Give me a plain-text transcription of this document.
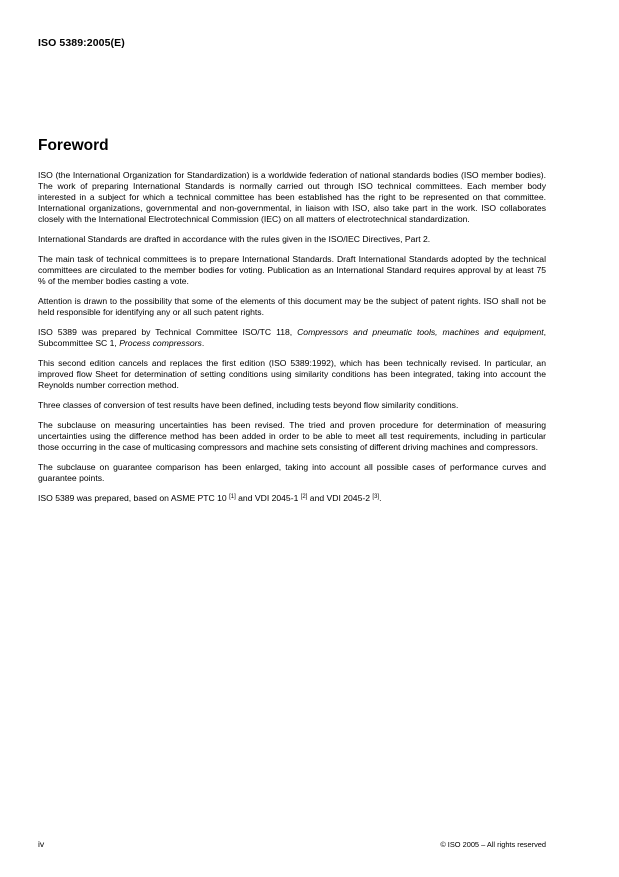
ISO 5389:2005(E)
Foreword

ISO (the International Organization for Standardization) is a worldwide federation of national standards bodies (ISO member bodies). The work of preparing International Standards is normally carried out through ISO technical committees. Each member body interested in a subject for which a technical committee has been established has the right to be represented on that committee. International organizations, governmental and non-governmental, in liaison with ISO, also take part in the work. ISO collaborates closely with the International Electrotechnical Commission (IEC) on all matters of electrotechnical standardization.

International Standards are drafted in accordance with the rules given in the ISO/IEC Directives, Part 2.

The main task of technical committees is to prepare International Standards. Draft International Standards adopted by the technical committees are circulated to the member bodies for voting. Publication as an International Standard requires approval by at least 75 % of the member bodies casting a vote.

Attention is drawn to the possibility that some of the elements of this document may be the subject of patent rights. ISO shall not be held responsible for identifying any or all such patent rights.

ISO 5389 was prepared by Technical Committee ISO/TC 118, Compressors and pneumatic tools, machines and equipment, Subcommittee SC 1, Process compressors.

This second edition cancels and replaces the first edition (ISO 5389:1992), which has been technically revised. In particular, an improved flow Sheet for determination of setting conditions using similarity conditions has been integrated, taking into account the Reynolds number correction method.

Three classes of conversion of test results have been defined, including tests beyond flow similarity conditions.

The subclause on measuring uncertainties has been revised. The tried and proven procedure for determination of measuring uncertainties using the difference method has been added in order to be able to meet all test requirements, including in particular those occurring in the case of multicasing compressors and machine sets consisting of different driving machines and compressors.

The subclause on guarantee comparison has been enlarged, taking into account all possible cases of performance curves and guarantee points.

ISO 5389 was prepared, based on ASME PTC 10 [1] and VDI 2045-1 [2] and VDI 2045-2 [3].

iv	© ISO 2005 – All rights reserved
